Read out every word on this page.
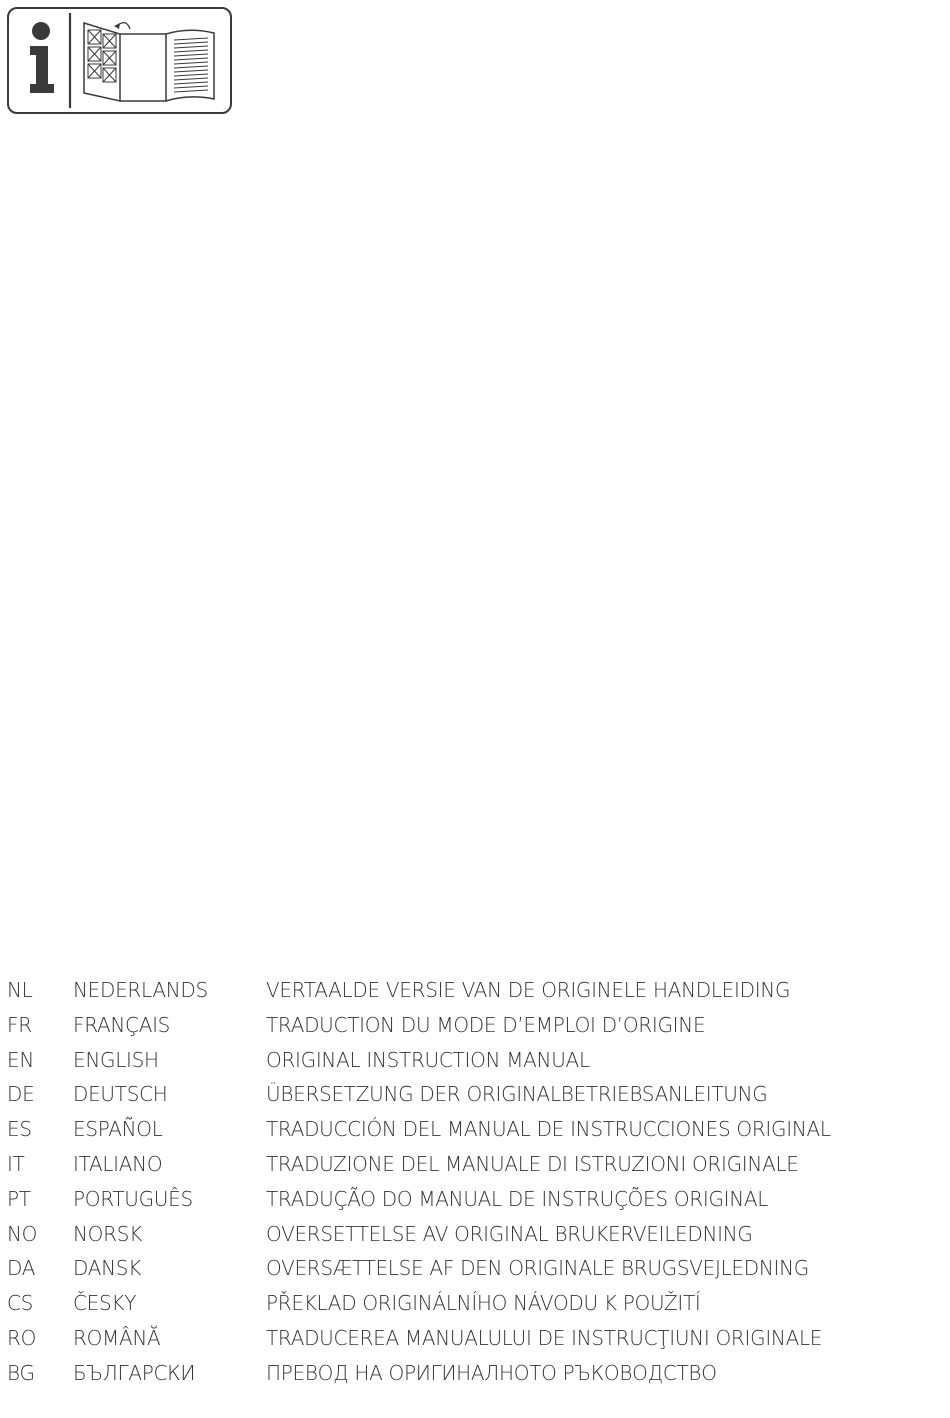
NL NEDERLANDS	VERTAALDE VERSIE VAN DE ORIGINELE HANDLEIDING
FR FRANÇAIS	TRADUCTION DU MODE D’EMPLOI D’ORIGINE
EN ENGLISH	ORIGINAL INSTRUCTION MANUAL
DE DEUTSCH	ÜBERSETZUNG DER ORIGINALBETRIEBSANLEITUNG
ES ESPAÑOL	TRADUCCIÓN DEL MANUAL DE INSTRUCCIONES ORIGINAL
IT ITALIANO	TRADUZIONE DEL MANUALE DI ISTRUZIONI ORIGINALE
PT PORTUGUÊS	TRADUÇÃO DO MANUAL DE INSTRUÇÕES ORIGINAL
NO NORSK	OVERSETTELSE AV ORIGINAL BRUKERVEILEDNING
DA DANSK	OVERSÆTTELSE AF DEN ORIGINALE BRUGSVEJLEDNING
CS ČESKY	PŘEKLAD ORIGINÁLNÍHO NÁVODU K POUŽITÍ
RO ROMÂNĂ	TRADUCEREA MANUALULUI DE INSTRUCŢIUNI ORIGINALE
BG БЪЛГАРСКИ	ПРЕВОД НА ОРИГИНАЛНОТО РЪКОВОДСТВО
